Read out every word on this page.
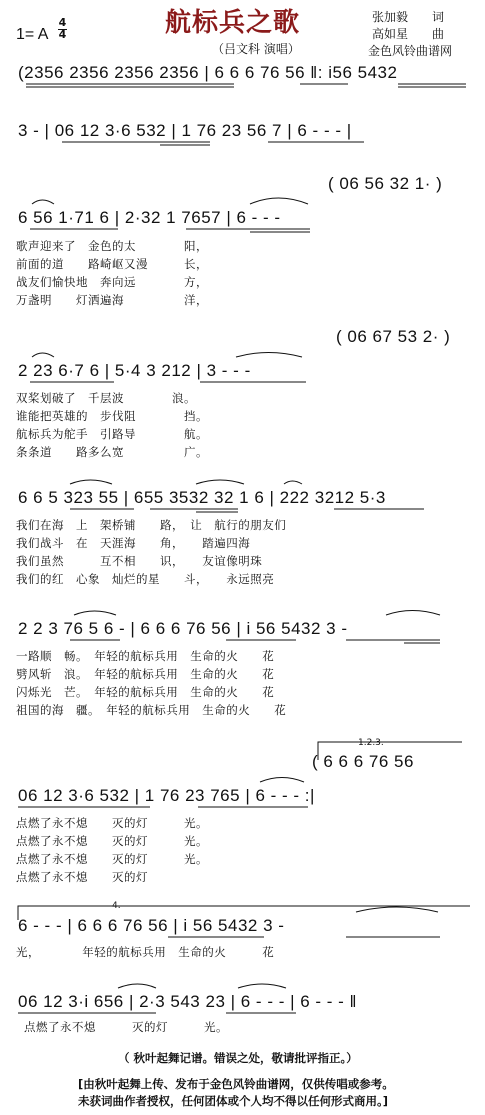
航标兵之歌
（吕文科 演唱）
1= A
4
4
张加毅　　词
高如星　　曲
金色风铃曲谱网
(2356 2356 2356 2356 | 6 6 6 76 56 ‖: i56 5432
3 - | 06 12 3·6 532 | 1 76 23 56 7 | 6 - - - |
( 06 56 32 1· )
6 56 1·71 6 | 2·32 1 7657 | 6 - - -
歌声迎来了　金色的太　　　　阳，
前面的道　　路崎岖又漫　　　长，
战友们愉快地　奔向远　　　　方，
万盏明　　灯洒遍海　　　　　洋，
( 06 67 53 2· )
2 23 6·7 6 | 5·4 3 212 | 3 - - -
双桨划破了　千层波　　　　浪。
谁能把英雄的　步伐阻　　　　挡。
航标兵为舵手　引路导　　　　航。
条条道　　路多么宽　　　　　广。
6 6 5 323 55 | 655 3532 32 1 6 | 222 3212 5·3
我们在海　上　架桥铺　　路，　让　航行的朋友们
我们战斗　在　天涯海　　角，　　踏遍四海
我们虽然　　　互不相　　识，　　友谊像明珠
我们的红　心象　灿烂的星　　斗，　　永远照亮
2 2 3 76 5 6 - | 6 6 6 76 56 | i 56 5432 3 -
一路顺　畅。　年轻的航标兵用　生命的火　　花
劈风斩　浪。　年轻的航标兵用　生命的火　　花
闪烁光　芒。　年轻的航标兵用　生命的火　　花
祖国的海　疆。　年轻的航标兵用　生命的火　　花
1.2.3.
( 6 6 6 76 56
06 12 3·6 532 | 1 76 23 765 | 6 - - - :|
点燃了永不熄　　灭的灯　　　光。
点燃了永不熄　　灭的灯　　　光。
点燃了永不熄　　灭的灯　　　光。
点燃了永不熄　　灭的灯
4.
6 - - - | 6 6 6 76 56 | i 56 5432 3 -
光，　　　　年轻的航标兵用　生命的火　　　花
06 12 3·i 656 | 2·3 543 23 | 6 - - - | 6 - - - ‖
点燃了永不熄　　　灭的灯　　　光。
（ 秋叶起舞记谱。错误之处，敬请批评指正。）
[由秋叶起舞上传、发布于金色风铃曲谱网，仅供传唱或参考。
未获词曲作者授权，任何团体或个人均不得以任何形式商用。]
